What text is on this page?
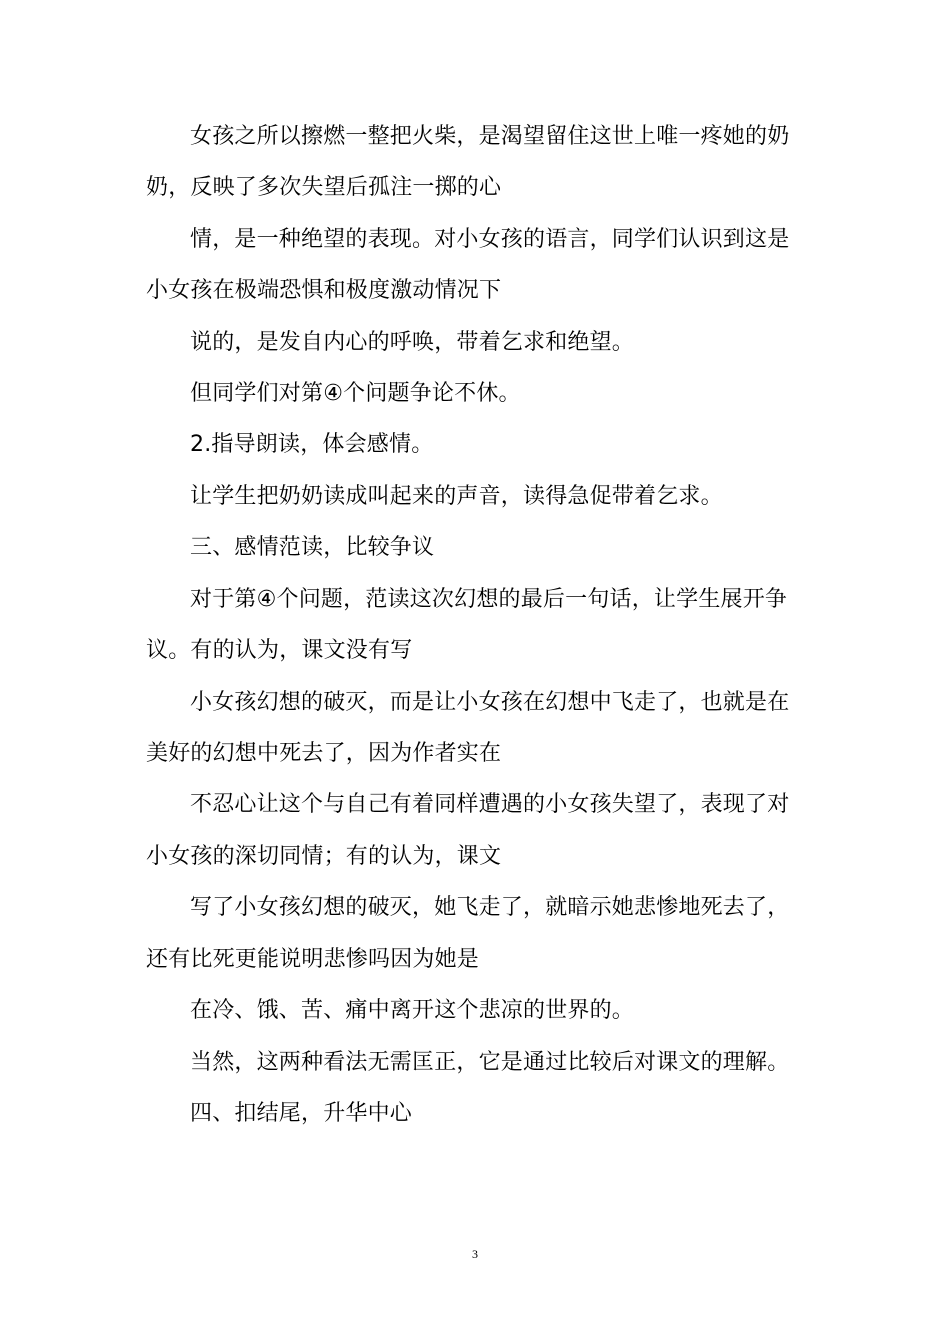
女孩之所以擦燃一整把火柴，是渴望留住这世上唯一疼她的奶
奶，反映了多次失望后孤注一掷的心
情，是一种绝望的表现。对小女孩的语言，同学们认识到这是
小女孩在极端恐惧和极度激动情况下
说的，是发自内心的呼唤，带着乞求和绝望。
但同学们对第④个问题争论不休。
2.指导朗读，体会感情。
让学生把奶奶读成叫起来的声音，读得急促带着乞求。
三、感情范读，比较争议
对于第④个问题，范读这次幻想的最后一句话，让学生展开争
议。有的认为，课文没有写
小女孩幻想的破灭，而是让小女孩在幻想中飞走了，也就是在
美好的幻想中死去了，因为作者实在
不忍心让这个与自己有着同样遭遇的小女孩失望了，表现了对
小女孩的深切同情；有的认为，课文
写了小女孩幻想的破灭，她飞走了，就暗示她悲惨地死去了，
还有比死更能说明悲惨吗因为她是
在冷、饿、苦、痛中离开这个悲凉的世界的。
当然，这两种看法无需匡正，它是通过比较后对课文的理解。
四、扣结尾，升华中心
3
